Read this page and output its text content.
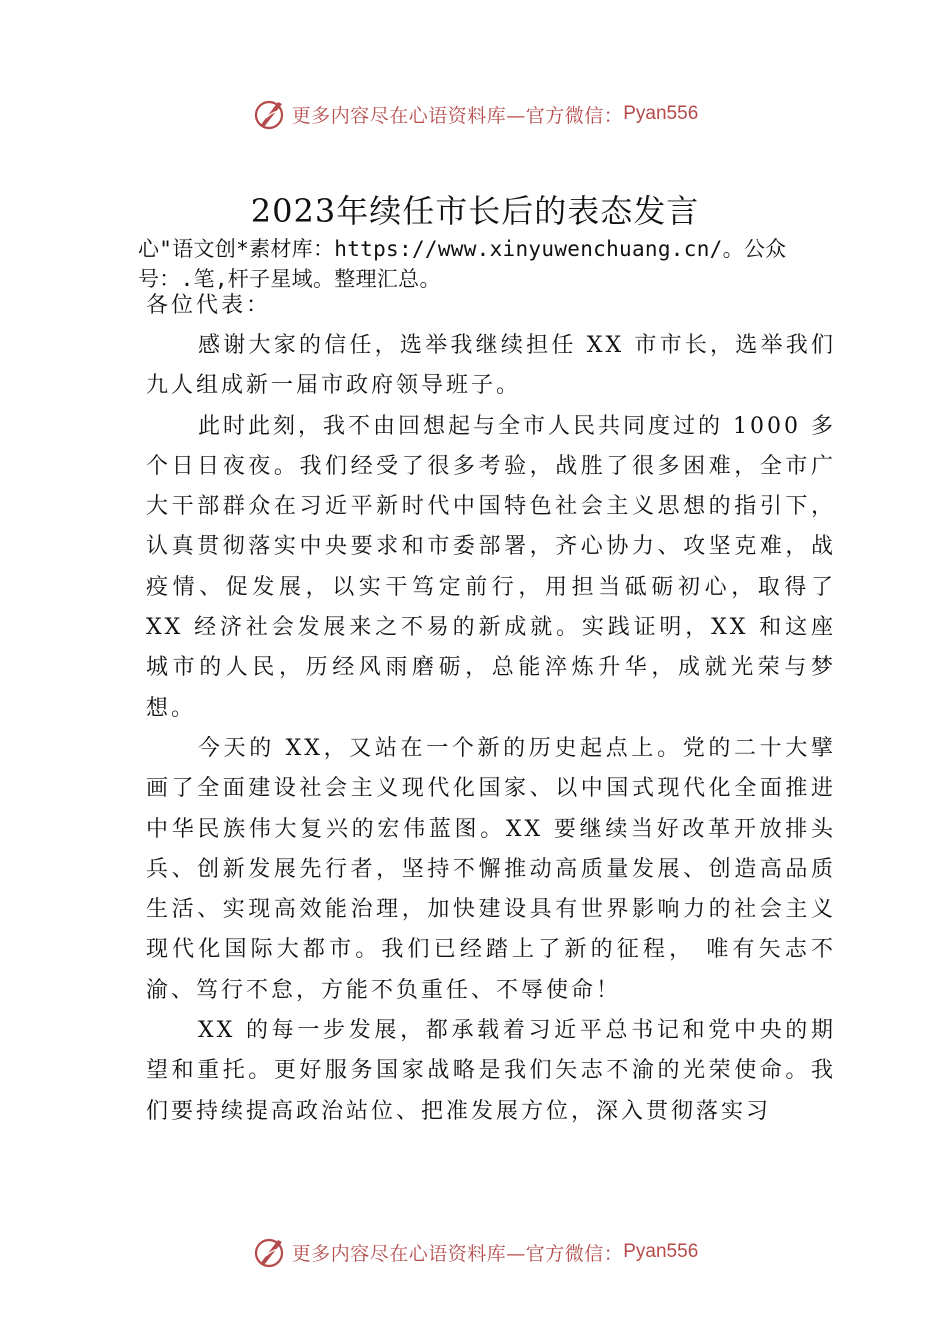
更多内容尽在心语资料库—官方微信： Pyan556
2023年续任市长后的表态发言
心"语文创*素材库：https://www.xinyuwenchuang.cn/。公众号：.笔,杆子星域。整理汇总。
各位代表：

感谢大家的信任，选举我继续担任 XX 市市长，选举我们九人组成新一届市政府领导班子。

此时此刻，我不由回想起与全市人民共同度过的 1000 多个日日夜夜。我们经受了很多考验，战胜了很多困难，全市广大干部群众在习近平新时代中国特色社会主义思想的指引下，认真贯彻落实中央要求和市委部署，齐心协力、攻坚克难，战疫情、促发展，以实干笃定前行，用担当砥砺初心，取得了 XX 经济社会发展来之不易的新成就。实践证明，XX 和这座城市的人民，历经风雨磨砺，总能淬炼升华，成就光荣与梦想。

今天的 XX，又站在一个新的历史起点上。党的二十大擘画了全面建设社会主义现代化国家、以中国式现代化全面推进中华民族伟大复兴的宏伟蓝图。XX 要继续当好改革开放排头兵、创新发展先行者，坚持不懈推动高质量发展、创造高品质生活、实现高效能治理，加快建设具有世界影响力的社会主义现代化国际大都市。我们已经踏上了新的征程， 唯有矢志不渝、笃行不怠，方能不负重任、不辱使命！

XX 的每一步发展，都承载着习近平总书记和党中央的期望和重托。更好服务国家战略是我们矢志不渝的光荣使命。我们要持续提高政治站位、把准发展方位，深入贯彻落实习

更多内容尽在心语资料库—官方微信： Pyan556
